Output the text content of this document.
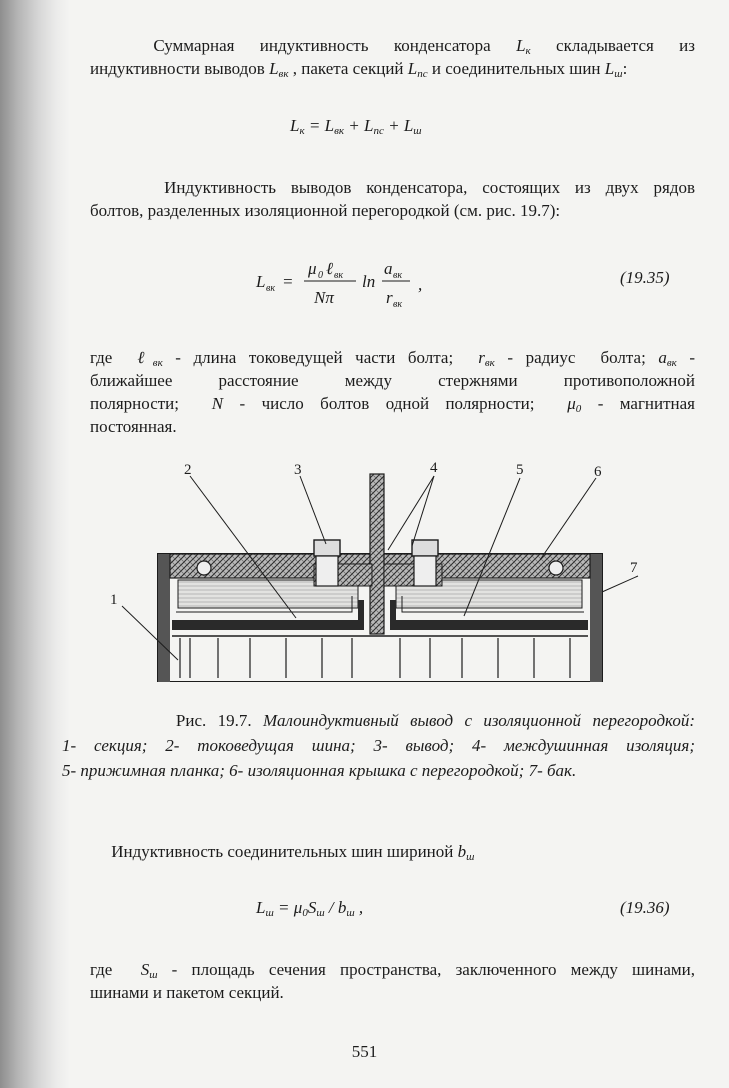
Суммарная  индуктивность  конденсатора  $L_к$  складывается  из
индуктивности выводов $L_{вк}$ , пакета секций $L_{пс}$ и соединительных шин $L_ш$:
$L_к = L_{вк} + L_{пс} + L_ш$
Индуктивность выводов конденсатора, состоящих из двух рядов
болтов, разделенных изоляционной перегородкой (см. рис. 19.7):
L вк =
μ 0 ℓ вк
Nπ
ln
a вк
r вк
,	(19.35)
где  ℓ$_{вк}$ - длина токоведущей части болта;  $r_{вк}$ - радиус  болта; $a_{вк}$ -
ближайшее расстояние между стержнями противоположной
полярности;  N - число болтов одной полярности;  $\mu_0$ - магнитная
постоянная.
1
2	3	4	5	6
7
Рис. 19.7. Малоиндуктивный вывод с изоляционной перегородкой:
1- секция; 2- токоведущая шина; 3- вывод; 4- междушинная изоляция;
5- прижимная планка; 6- изоляционная крышка с перегородкой; 7- бак.
Индуктивность соединительных шин шириной $b_ш$
$L_ш = \mu_0S_ш / b_ш$ ,	(19.36)
где  $S_ш$ - площадь сечения пространства, заключенного между шинами,
шинами и пакетом секций.
551
